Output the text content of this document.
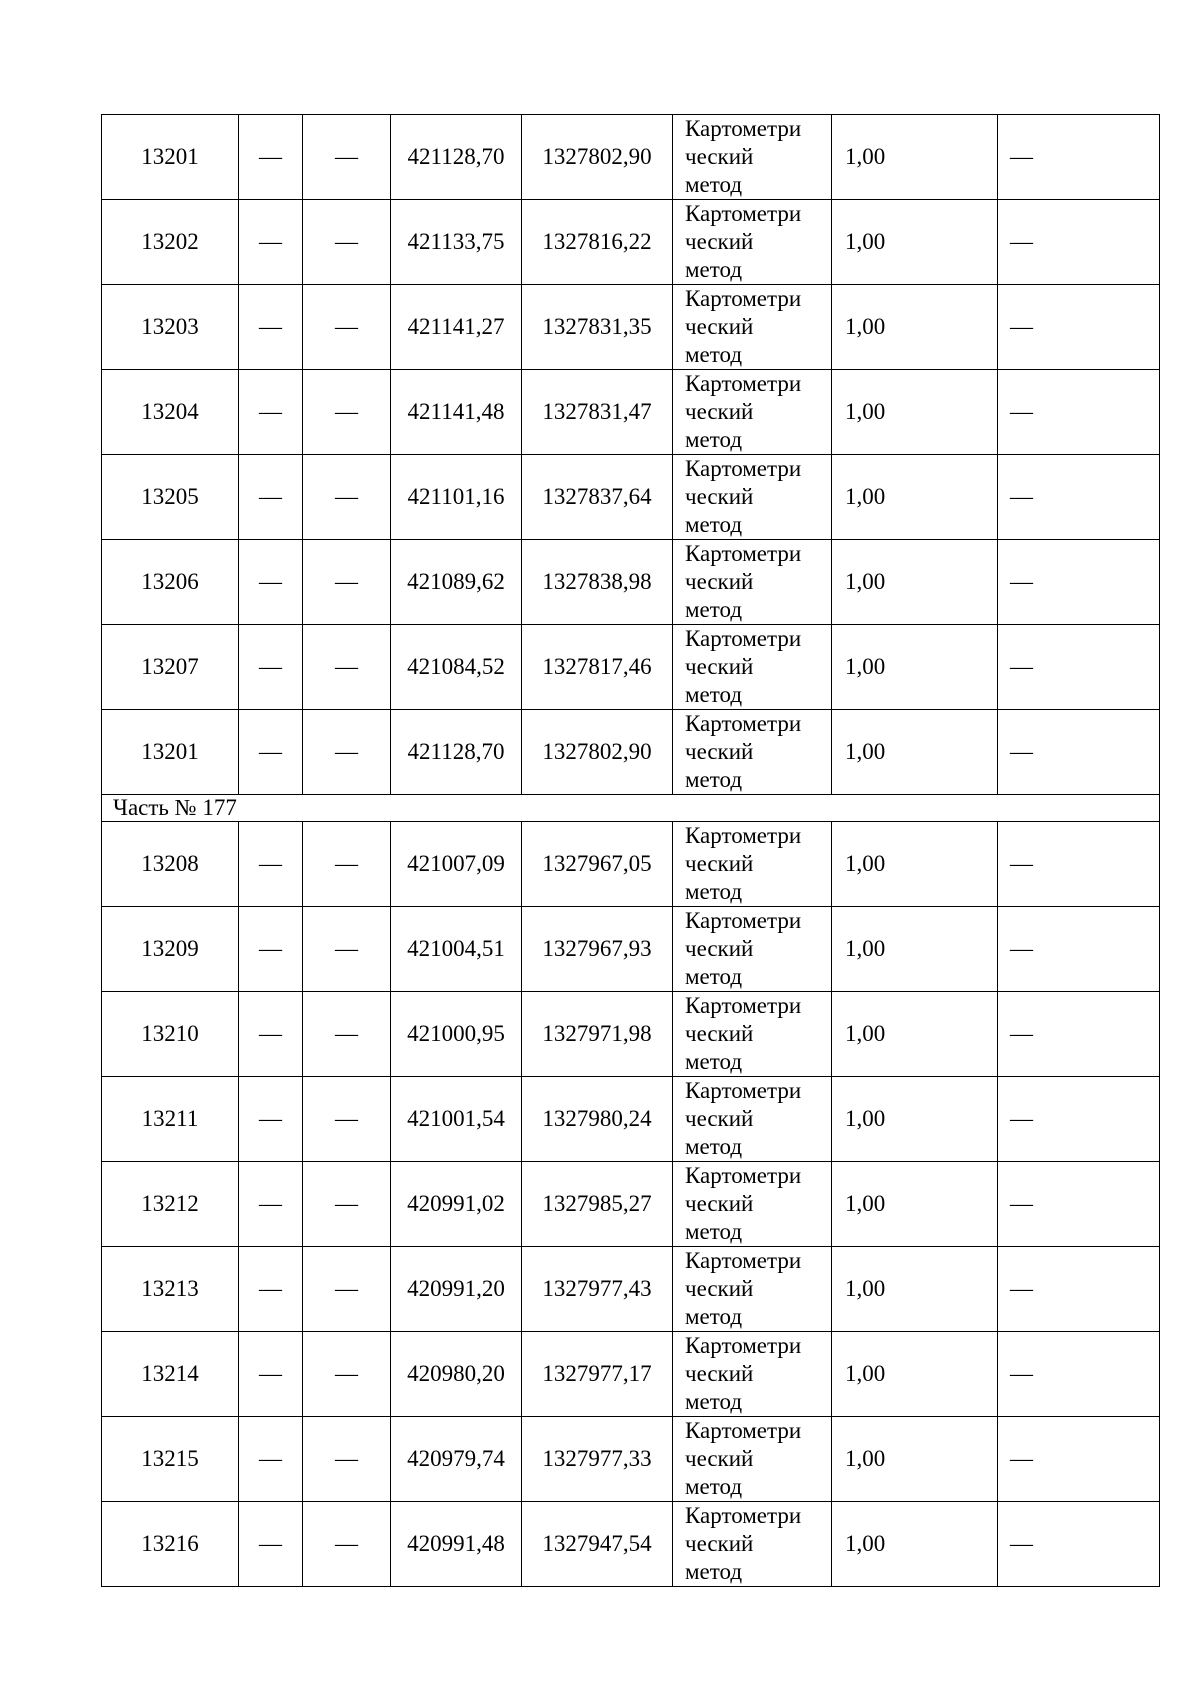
13201	—	—	421128,70	1327802,90	Картометри
ческий
метод	1,00	—
13202	—	—	421133,75	1327816,22	Картометри
ческий
метод	1,00	—
13203	—	—	421141,27	1327831,35	Картометри
ческий
метод	1,00	—
13204	—	—	421141,48	1327831,47	Картометри
ческий
метод	1,00	—
13205	—	—	421101,16	1327837,64	Картометри
ческий
метод	1,00	—
13206	—	—	421089,62	1327838,98	Картометри
ческий
метод	1,00	—
13207	—	—	421084,52	1327817,46	Картометри
ческий
метод	1,00	—
13201	—	—	421128,70	1327802,90	Картометри
ческий
метод	1,00	—
Часть № 177							
13208	—	—	421007,09	1327967,05	Картометри
ческий
метод	1,00	—
13209	—	—	421004,51	1327967,93	Картометри
ческий
метод	1,00	—
13210	—	—	421000,95	1327971,98	Картометри
ческий
метод	1,00	—
13211	—	—	421001,54	1327980,24	Картометри
ческий
метод	1,00	—
13212	—	—	420991,02	1327985,27	Картометри
ческий
метод	1,00	—
13213	—	—	420991,20	1327977,43	Картометри
ческий
метод	1,00	—
13214	—	—	420980,20	1327977,17	Картометри
ческий
метод	1,00	—
13215	—	—	420979,74	1327977,33	Картометри
ческий
метод	1,00	—
13216	—	—	420991,48	1327947,54	Картометри
ческий
метод	1,00	—
